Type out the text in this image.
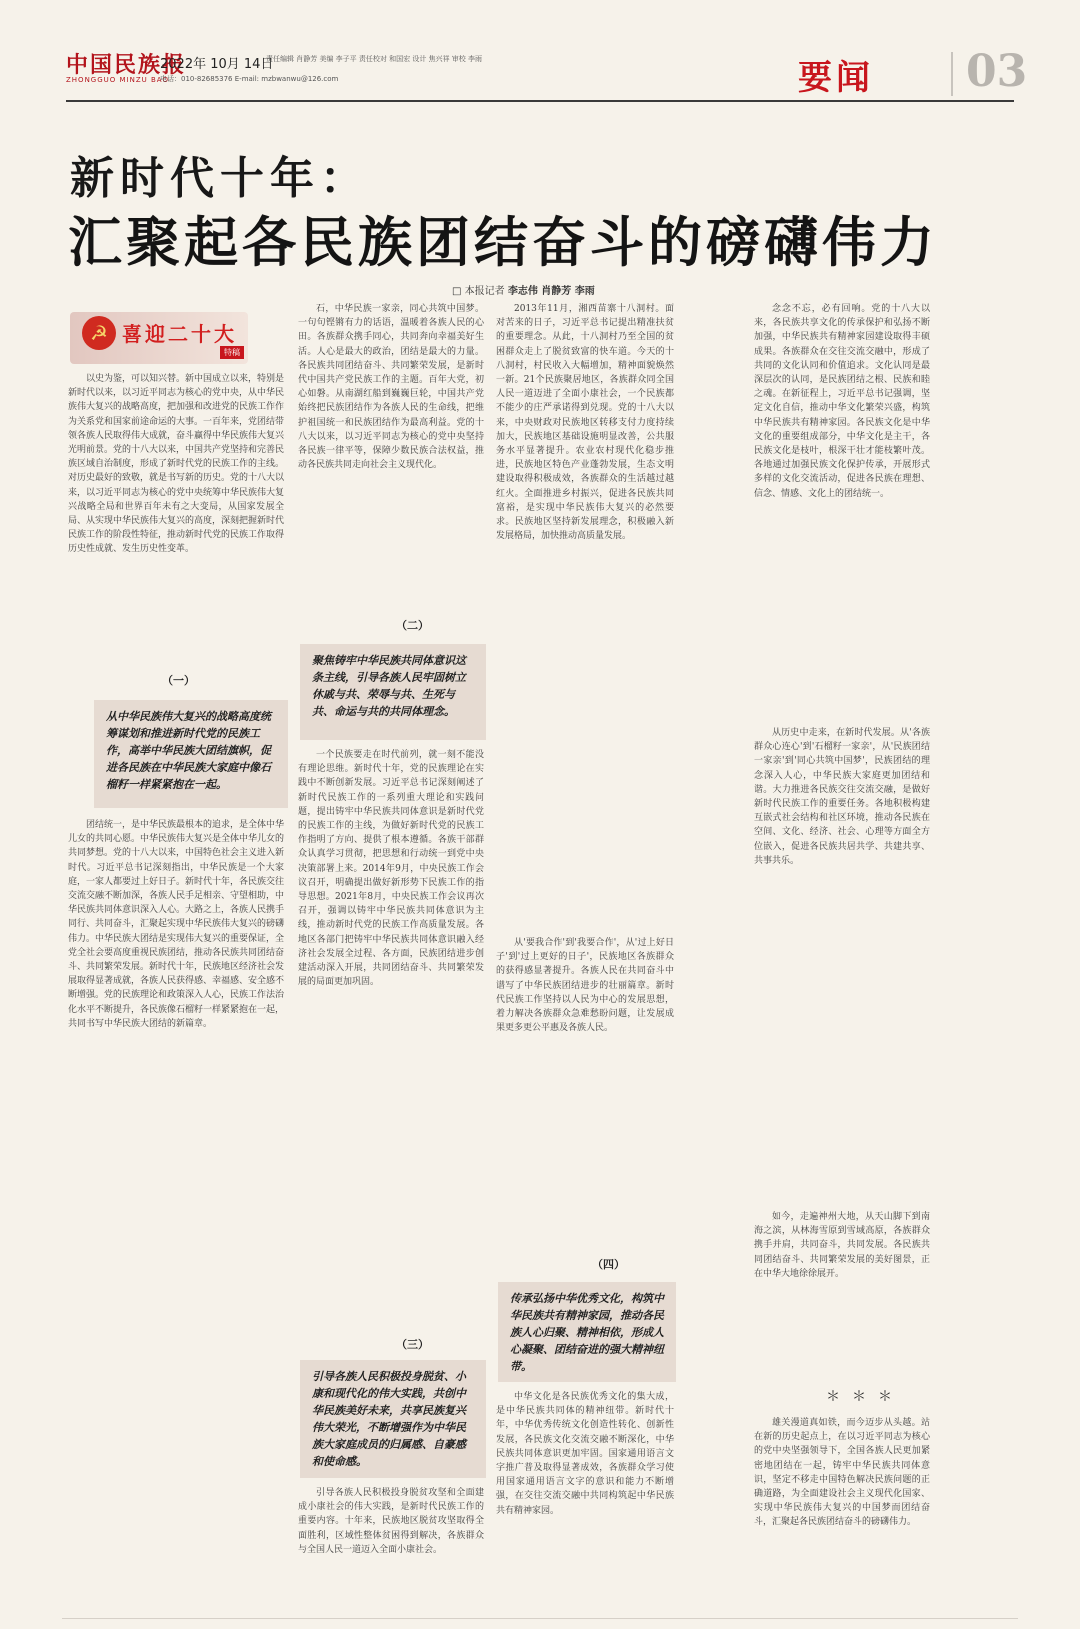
中国民族报
ZHONGGUO MINZU BAO
2022年 10月 14日
责任编辑 肖静芳 美编 李子平 责任校对 和国宏 设计 焦兴祥 审校 李雨
电话：010-82685376 E-mail: mzbwanwu@126.com	要闻 03
新时代十年：
汇聚起各民族团结奋斗的磅礴伟力
□ 本报记者 李志伟 肖静芳 李雨
☭ 喜迎二十大
特稿

以史为鉴，可以知兴替。新中国成立以来，特别是新时代以来，以习近平同志为核心的党中央，从中华民族伟大复兴的战略高度，把加强和改进党的民族工作作为关系党和国家前途命运的大事。一百年来，党团结带领各族人民取得伟大成就，奋斗赢得中华民族伟大复兴光明前景。党的十八大以来，中国共产党坚持和完善民族区域自治制度，形成了新时代党的民族工作的主线。对历史最好的致敬，就是书写新的历史。党的十八大以来，以习近平同志为核心的党中央统筹中华民族伟大复兴战略全局和世界百年未有之大变局，从国家发展全局、从实现中华民族伟大复兴的高度，深刻把握新时代民族工作的阶段性特征，推动新时代党的民族工作取得历史性成就、发生历史性变革。

（一）
从中华民族伟大复兴的战略高度统筹谋划和推进新时代党的民族工作，高举中华民族大团结旗帜，促进各民族在中华民族大家庭中像石榴籽一样紧紧抱在一起。

团结统一，是中华民族最根本的追求，是全体中华儿女的共同心愿。中华民族伟大复兴是全体中华儿女的共同梦想。党的十八大以来，中国特色社会主义进入新时代。习近平总书记深刻指出，中华民族是一个大家庭，一家人都要过上好日子。新时代十年，各民族交往交流交融不断加深，各族人民手足相亲、守望相助，中华民族共同体意识深入人心。大路之上，各族人民携手同行、共同奋斗，汇聚起实现中华民族伟大复兴的磅礴伟力。中华民族大团结是实现伟大复兴的重要保证，全党全社会要高度重视民族团结，推动各民族共同团结奋斗、共同繁荣发展。新时代十年，民族地区经济社会发展取得显著成就，各族人民获得感、幸福感、安全感不断增强。党的民族理论和政策深入人心，民族工作法治化水平不断提升，各民族像石榴籽一样紧紧抱在一起，共同书写中华民族大团结的新篇章。

石，中华民族一家亲，同心共筑中国梦。一句句铿锵有力的话语，温暖着各族人民的心田。各族群众携手同心，共同奔向幸福美好生活。人心是最大的政治，团结是最大的力量。各民族共同团结奋斗、共同繁荣发展，是新时代中国共产党民族工作的主题。百年大党，初心如磐。从南湖红船到巍巍巨轮，中国共产党始终把民族团结作为各族人民的生命线，把维护祖国统一和民族团结作为最高利益。党的十八大以来，以习近平同志为核心的党中央坚持各民族一律平等，保障少数民族合法权益，推动各民族共同走向社会主义现代化。

（二）
聚焦铸牢中华民族共同体意识这条主线，引导各族人民牢固树立休戚与共、荣辱与共、生死与共、命运与共的共同体理念。

一个民族要走在时代前列，就一刻不能没有理论思维。新时代十年，党的民族理论在实践中不断创新发展。习近平总书记深刻阐述了新时代民族工作的一系列重大理论和实践问题，提出铸牢中华民族共同体意识是新时代党的民族工作的主线，为做好新时代党的民族工作指明了方向、提供了根本遵循。各族干部群众认真学习贯彻，把思想和行动统一到党中央决策部署上来。2014年9月，中央民族工作会议召开，明确提出做好新形势下民族工作的指导思想。2021年8月，中央民族工作会议再次召开，强调以铸牢中华民族共同体意识为主线，推动新时代党的民族工作高质量发展。各地区各部门把铸牢中华民族共同体意识融入经济社会发展全过程、各方面，民族团结进步创建活动深入开展，共同团结奋斗、共同繁荣发展的局面更加巩固。

（三）
引导各族人民积极投身脱贫、小康和现代化的伟大实践，共创中华民族美好未来，共享民族复兴伟大荣光，不断增强作为中华民族大家庭成员的归属感、自豪感和使命感。

引导各族人民积极投身脱贫攻坚和全面建成小康社会的伟大实践，是新时代民族工作的重要内容。十年来，民族地区脱贫攻坚取得全面胜利，区域性整体贫困得到解决，各族群众与全国人民一道迈入全面小康社会。

2013年11月，湘西苗寨十八洞村。面对苦来的日子，习近平总书记提出精准扶贫的重要理念。从此，十八洞村乃至全国的贫困群众走上了脱贫致富的快车道。今天的十八洞村，村民收入大幅增加，精神面貌焕然一新。21个民族聚居地区，各族群众同全国人民一道迈进了全面小康社会，一个民族都不能少的庄严承诺得到兑现。党的十八大以来，中央财政对民族地区转移支付力度持续加大，民族地区基础设施明显改善，公共服务水平显著提升。农业农村现代化稳步推进，民族地区特色产业蓬勃发展，生态文明建设取得积极成效，各族群众的生活越过越红火。全面推进乡村振兴，促进各民族共同富裕，是实现中华民族伟大复兴的必然要求。民族地区坚持新发展理念，积极融入新发展格局，加快推动高质量发展。

从'要我合作'到'我要合作'，从'过上好日子'到'过上更好的日子'，民族地区各族群众的获得感显著提升。各族人民在共同奋斗中谱写了中华民族团结进步的壮丽篇章。新时代民族工作坚持以人民为中心的发展思想，着力解决各族群众急难愁盼问题，让发展成果更多更公平惠及各族人民。

（四）
传承弘扬中华优秀文化，构筑中华民族共有精神家园，推动各民族人心归聚、精神相依，形成人心凝聚、团结奋进的强大精神纽带。

中华文化是各民族优秀文化的集大成，是中华民族共同体的精神纽带。新时代十年，中华优秀传统文化创造性转化、创新性发展，各民族文化交流交融不断深化，中华民族共同体意识更加牢固。国家通用语言文字推广普及取得显著成效，各族群众学习使用国家通用语言文字的意识和能力不断增强，在交往交流交融中共同构筑起中华民族共有精神家园。

念念不忘，必有回响。党的十八大以来，各民族共享文化的传承保护和弘扬不断加强，中华民族共有精神家园建设取得丰硕成果。各族群众在交往交流交融中，形成了共同的文化认同和价值追求。文化认同是最深层次的认同，是民族团结之根、民族和睦之魂。在新征程上，习近平总书记强调，坚定文化自信，推动中华文化繁荣兴盛，构筑中华民族共有精神家园。各民族文化是中华文化的重要组成部分，中华文化是主干，各民族文化是枝叶，根深干壮才能枝繁叶茂。各地通过加强民族文化保护传承，开展形式多样的文化交流活动，促进各民族在理想、信念、情感、文化上的团结统一。

从历史中走来，在新时代发展。从'各族群众心连心'到'石榴籽一家亲'，从'民族团结一家亲'到'同心共筑中国梦'，民族团结的理念深入人心，中华民族大家庭更加团结和谐。大力推进各民族交往交流交融，是做好新时代民族工作的重要任务。各地积极构建互嵌式社会结构和社区环境，推动各民族在空间、文化、经济、社会、心理等方面全方位嵌入，促进各民族共居共学、共建共享、共事共乐。

如今，走遍神州大地，从天山脚下到南海之滨，从林海雪原到雪域高原，各族群众携手并肩，共同奋斗，共同发展。各民族共同团结奋斗、共同繁荣发展的美好图景，正在中华大地徐徐展开。

＊＊＊

雄关漫道真如铁，而今迈步从头越。站在新的历史起点上，在以习近平同志为核心的党中央坚强领导下，全国各族人民更加紧密地团结在一起，铸牢中华民族共同体意识，坚定不移走中国特色解决民族问题的正确道路，为全面建设社会主义现代化国家、实现中华民族伟大复兴的中国梦而团结奋斗，汇聚起各民族团结奋斗的磅礴伟力。
